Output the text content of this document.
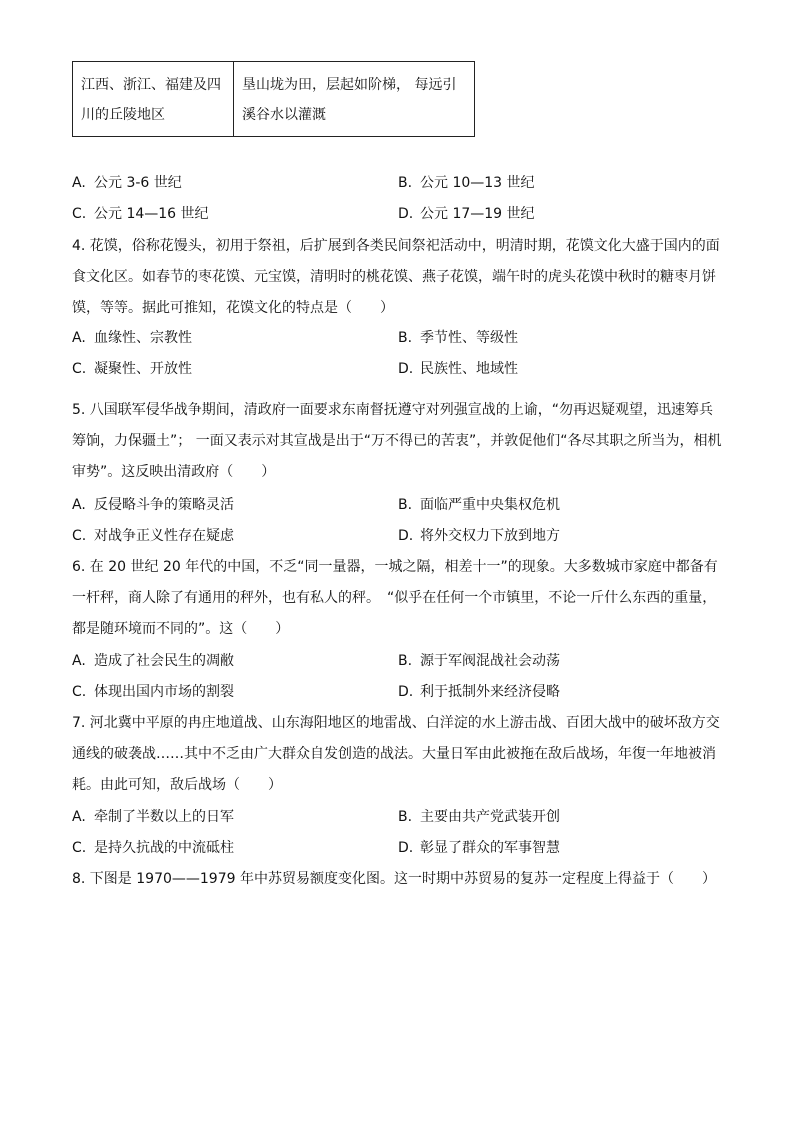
江西、浙江、福建及四川的丘陵地区	垦山垅为田，层起如阶梯， 每远引溪谷水以灌溉
A. 公元 3-6 世纪	B. 公元 10—13 世纪
C. 公元 14—16 世纪	D. 公元 17—19 世纪
4. 花馍，俗称花馒头，初用于祭祖，后扩展到各类民间祭祀活动中，明清时期，花馍文化大盛于国内的面食文化区。如春节的枣花馍、元宝馍，清明时的桃花馍、燕子花馍，端午时的虎头花馍中秋时的糖枣月饼馍，等等。据此可推知，花馍文化的特点是（　　）
A. 血缘性、宗教性	B. 季节性、等级性
C. 凝聚性、开放性	D. 民族性、地域性
5. 八国联军侵华战争期间，清政府一面要求东南督抚遵守对列强宣战的上谕，“勿再迟疑观望，迅速筹兵筹饷，力保疆土”； 一面又表示对其宣战是出于“万不得已的苦衷”，并敦促他们“各尽其职之所当为，相机审势”。这反映出清政府（　　）
A. 反侵略斗争的策略灵活	B. 面临严重中央集权危机
C. 对战争正义性存在疑虑	D. 将外交权力下放到地方
6. 在 20 世纪 20 年代的中国，不乏“同一量器，一城之隔，相差十一”的现象。大多数城市家庭中都备有一杆秤，商人除了有通用的秤外，也有私人的秤。　“似乎在任何一个市镇里，不论一斤什么东西的重量，都是随环境而不同的”。这（　　）
A. 造成了社会民生的凋敝	B. 源于军阀混战社会动荡
C. 体现出国内市场的割裂	D. 利于抵制外来经济侵略
7. 河北冀中平原的冉庄地道战、山东海阳地区的地雷战、白洋淀的水上游击战、百团大战中的破坏敌方交通线的破袭战……其中不乏由广大群众自发创造的战法。大量日军由此被拖在敌后战场，年復一年地被消耗。由此可知，敌后战场（　　）
A. 牵制了半数以上的日军	B. 主要由共产党武装开创
C. 是持久抗战的中流砥柱	D. 彰显了群众的军事智慧
8. 下图是 1970——1979 年中苏贸易额度变化图。这一时期中苏贸易的复苏一定程度上得益于（　　）
